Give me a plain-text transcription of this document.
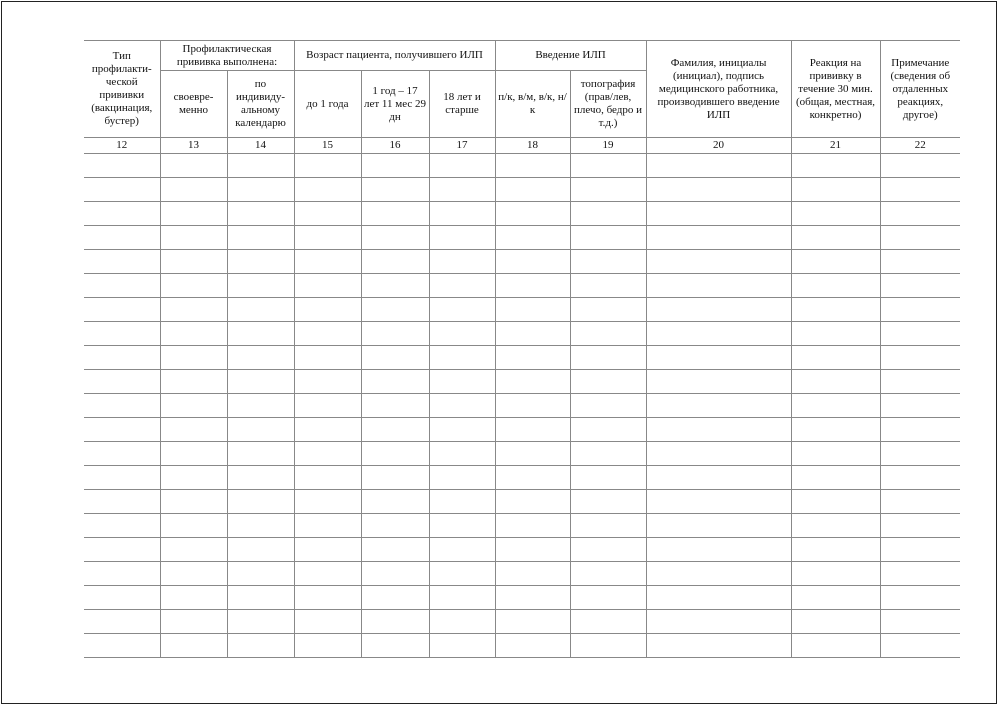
Тип профилактической прививки (вакцинация, бустер)	Профилактическая прививка выполнена:		Возраст пациента, получившего ИЛП			Введение ИЛП		Фамилия, инициалы (инициал), подпись медицинского работника, производившего введение ИЛП	Реакция на прививку в течение 30 мин. (общая, местная, конкретно)	Примечание (сведения об отдаленных реакциях, другое)
	своевременно	по индивидуальному календарю	до 1 года	1 год – 17 лет 11 мес 29 дн	18 лет и старше	п/к, в/м, в/к, н/к	топография (прав/лев, плечо, бедро и т.д.)			
12	13	14	15	16	17	18	19	20	21	22
